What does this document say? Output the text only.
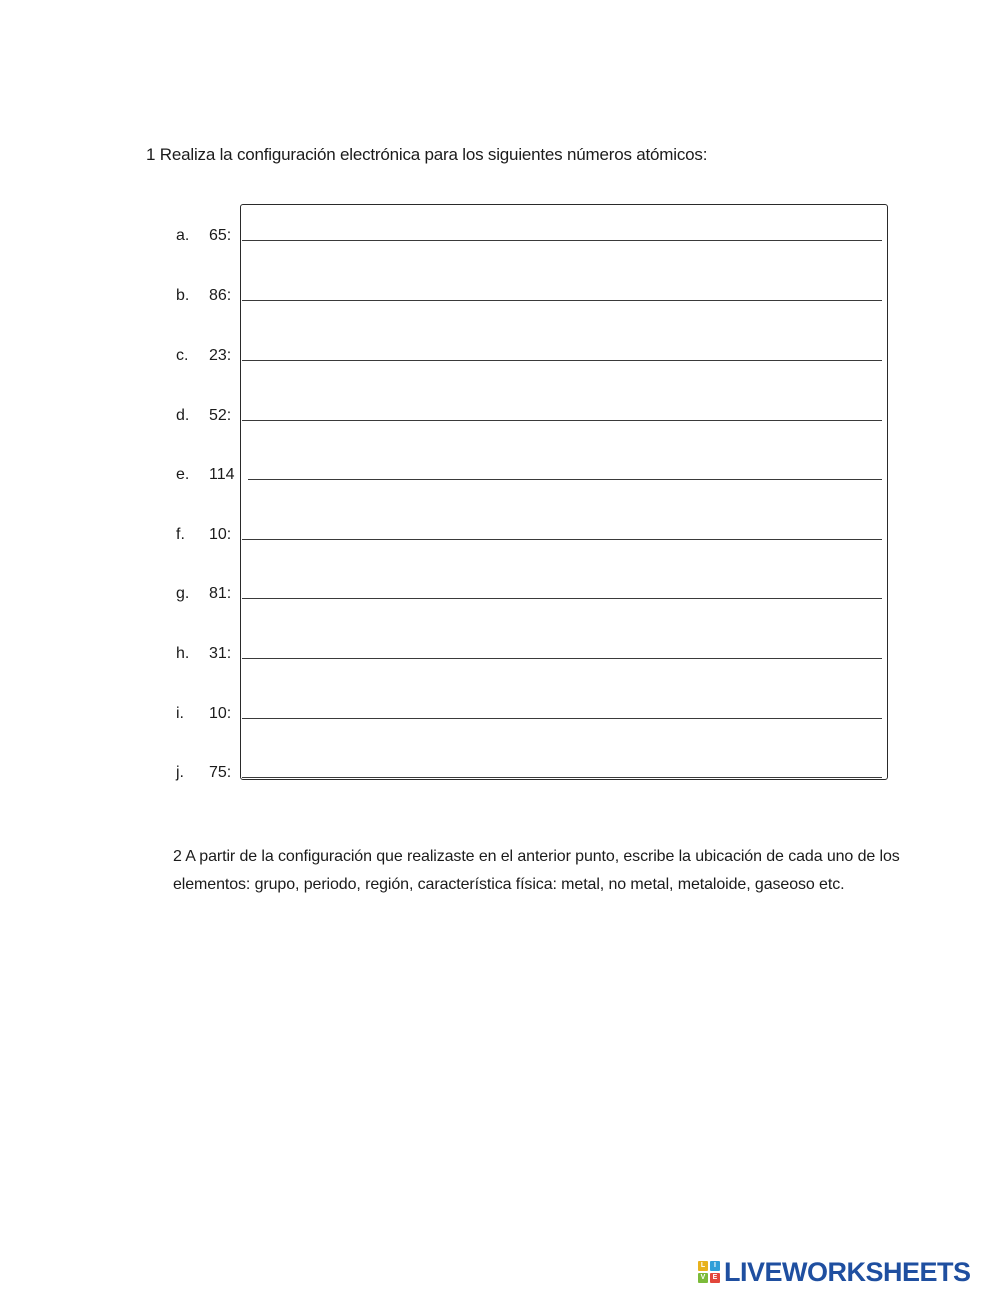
1 Realiza la configuración electrónica para los siguientes números atómicos:
a. 65:
b. 86:
c. 23:
d. 52:
e. 114
f. 10:
g. 81:
h. 31:
i. 10:
j. 75:
2 A partir de la configuración que realizaste en el anterior punto, escribe la ubicación de cada uno de los elementos: grupo, periodo, región, característica física: metal, no metal, metaloide, gaseoso etc.
L	I
V	E LIVEWORKSHEETS
